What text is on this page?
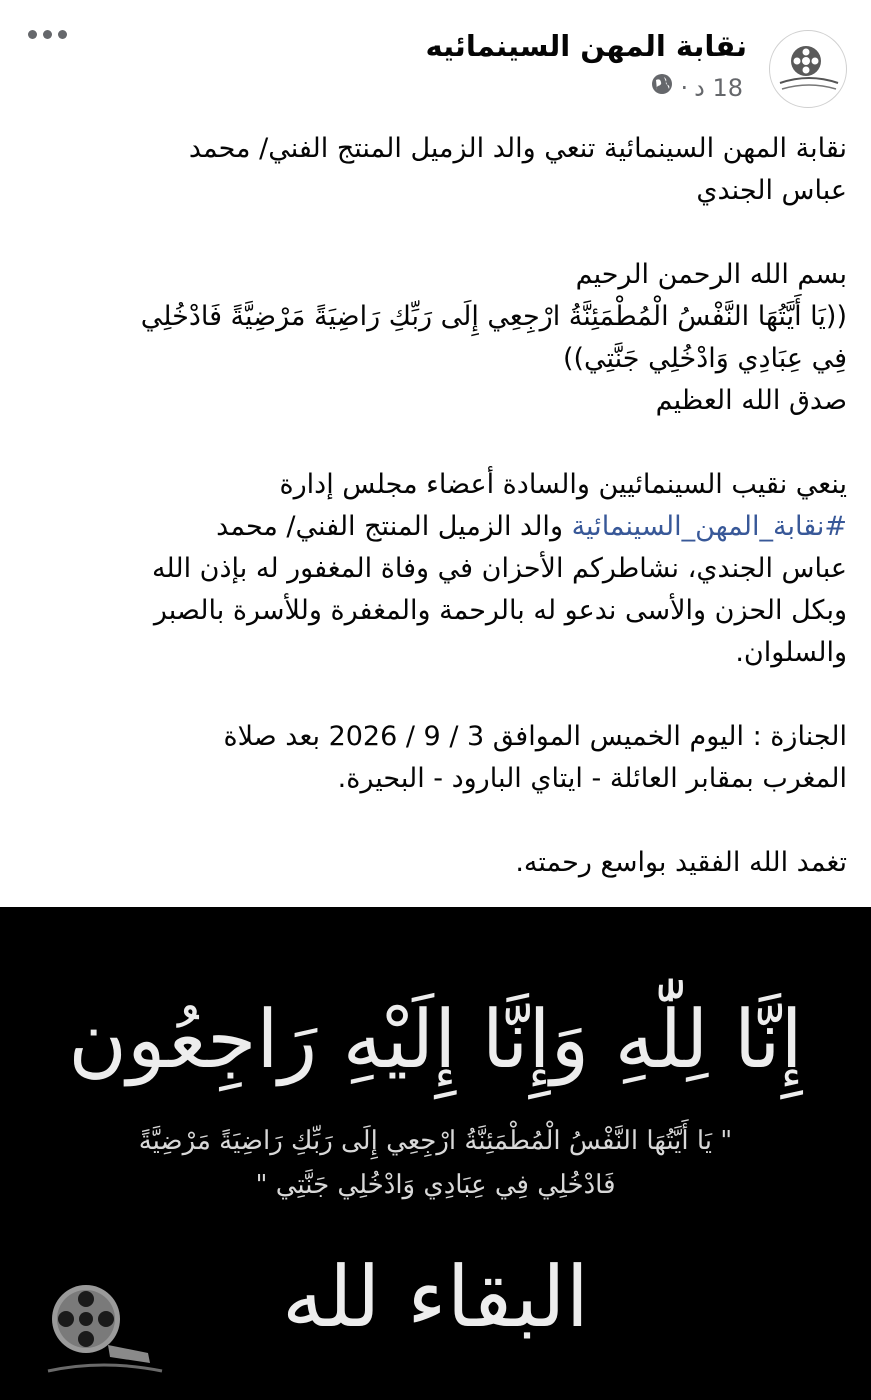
نقابة المهن السينمائيه
18 د
·

نقابة المهن السينمائية تنعي والد الزميل المنتج الفني/ محمد
عباس الجندي

بسم الله الرحمن الرحيم
((يَا أَيَّتُهَا النَّفْسُ الْمُطْمَئِنَّةُ ارْجِعِي إِلَى رَبِّكِ رَاضِيَةً مَرْضِيَّةً فَادْخُلِي
فِي عِبَادِي وَادْخُلِي جَنَّتِي))
صدق الله العظيم

ينعي نقيب السينمائيين والسادة أعضاء مجلس إدارة
#نقابة_المهن_السينمائية والد الزميل المنتج الفني/ محمد
عباس الجندي، نشاطركم الأحزان في وفاة المغفور له بإذن الله
وبكل الحزن والأسى ندعو له بالرحمة والمغفرة وللأسرة بالصبر
والسلوان.

الجنازة : اليوم الخميس الموافق 3 / 9 / 2026 بعد صلاة
المغرب بمقابر العائلة - ايتاي البارود - البحيرة.

تغمد الله الفقيد بواسع رحمته.

إِنَّا لِلّٰهِ وَإِنَّا إِلَيْهِ رَاجِعُون
" يَا أَيَّتُهَا النَّفْسُ الْمُطْمَئِنَّةُ ارْجِعِي إِلَى رَبِّكِ رَاضِيَةً مَرْضِيَّةً
فَادْخُلِي فِي عِبَادِي وَادْخُلِي جَنَّتِي "
البقاء لله
